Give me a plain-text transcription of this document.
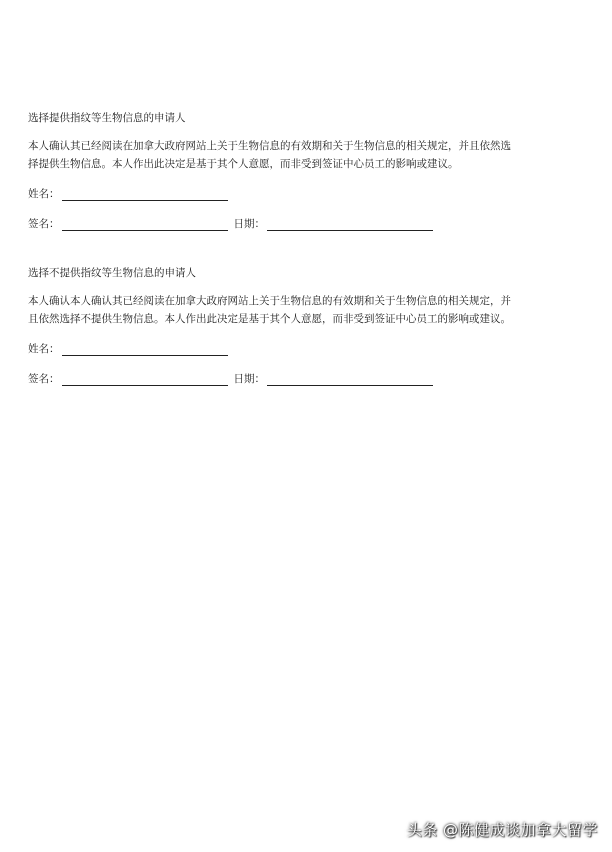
选择提供指纹等生物信息的申请人

本人确认其已经阅读在加拿大政府网站上关于生物信息的有效期和关于生物信息的相关规定，并且依然选
择提供生物信息。本人作出此决定是基于其个人意愿，而非受到签证中心员工的影响或建议。

姓名：
签名：	日期：

选择不提供指纹等生物信息的申请人

本人确认本人确认其已经阅读在加拿大政府网站上关于生物信息的有效期和关于生物信息的相关规定，并
且依然选择不提供生物信息。本人作出此决定是基于其个人意愿，而非受到签证中心员工的影响或建议。

姓名：
签名：	日期：
头条 @陈健成谈加拿大留学
